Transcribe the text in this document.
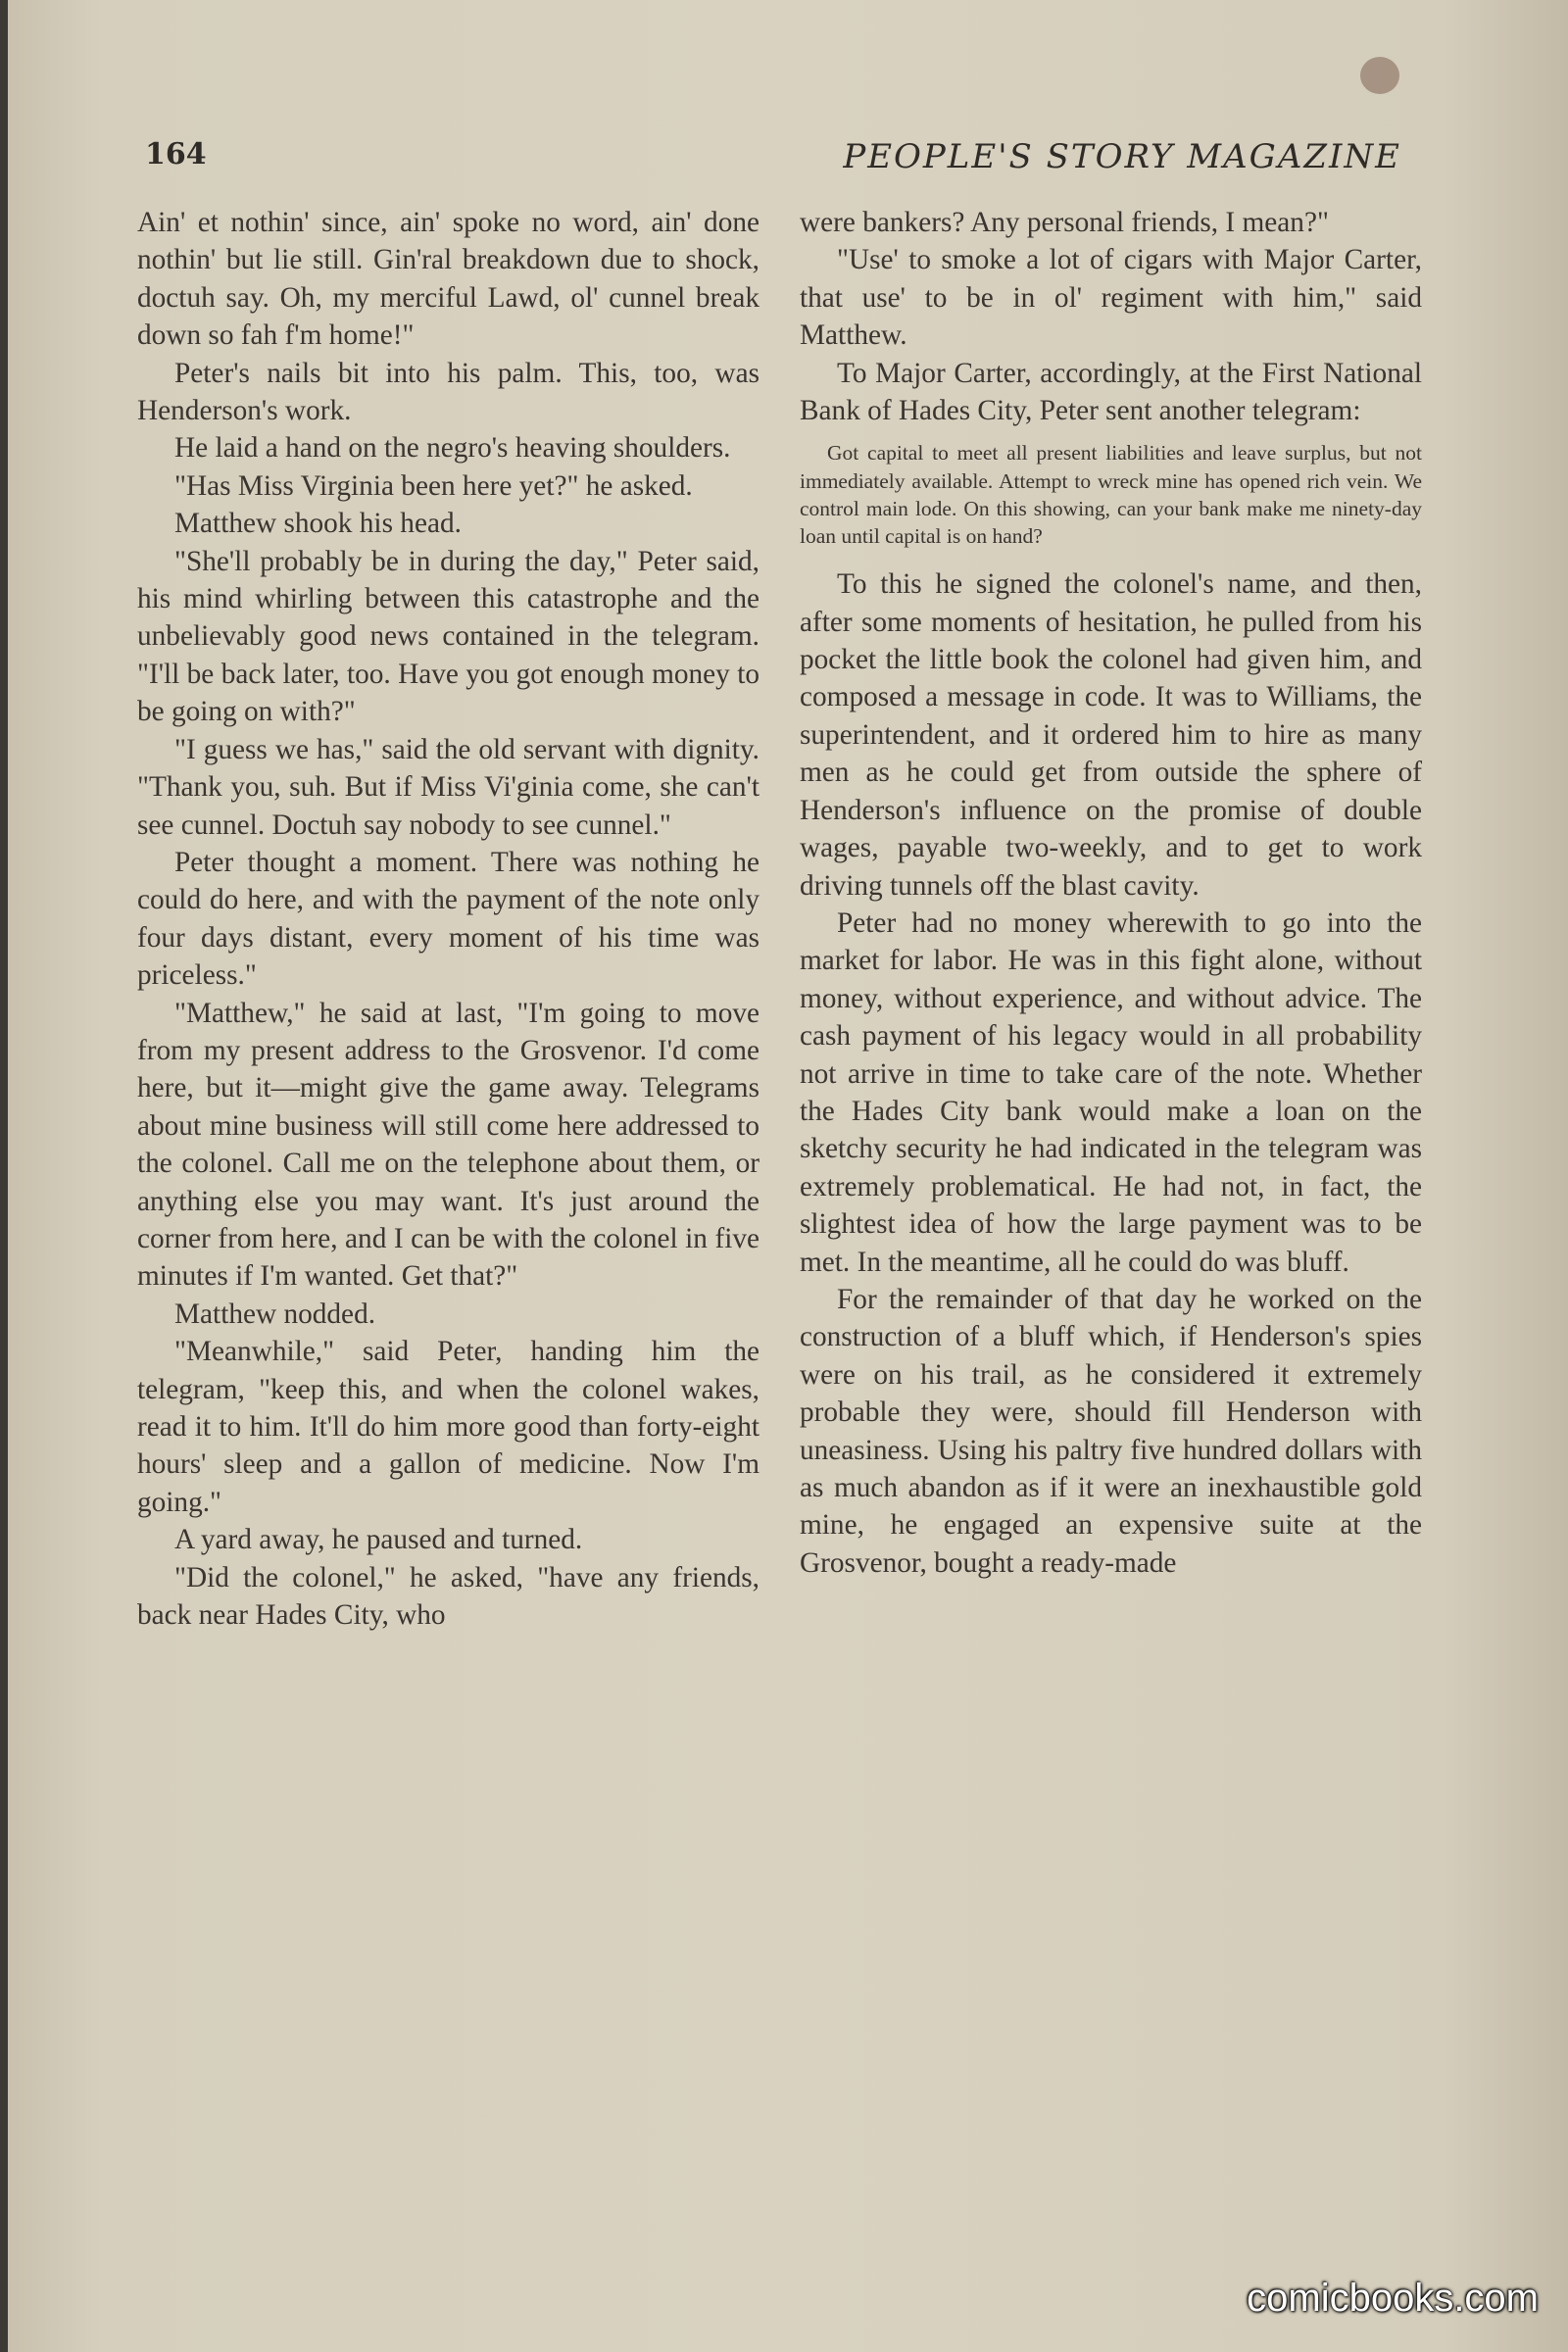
164	PEOPLE'S STORY MAGAZINE

Ain' et nothin' since, ain' spoke no word, ain' done nothin' but lie still. Gin'ral breakdown due to shock, doctuh say. Oh, my merciful Lawd, ol' cunnel break down so fah f'm home!"

Peter's nails bit into his palm. This, too, was Henderson's work.

He laid a hand on the negro's heaving shoulders.

"Has Miss Virginia been here yet?" he asked.

Matthew shook his head.

"She'll probably be in during the day," Peter said, his mind whirling between this catastrophe and the unbelievably good news contained in the telegram. "I'll be back later, too. Have you got enough money to be going on with?"

"I guess we has," said the old servant with dignity. "Thank you, suh. But if Miss Vi'ginia come, she can't see cunnel. Doctuh say nobody to see cunnel."

Peter thought a moment. There was nothing he could do here, and with the payment of the note only four days distant, every moment of his time was priceless."

"Matthew," he said at last, "I'm going to move from my present address to the Grosvenor. I'd come here, but it—might give the game away. Telegrams about mine business will still come here addressed to the colonel. Call me on the telephone about them, or anything else you may want. It's just around the corner from here, and I can be with the colonel in five minutes if I'm wanted. Get that?"

Matthew nodded.

"Meanwhile," said Peter, handing him the telegram, "keep this, and when the colonel wakes, read it to him. It'll do him more good than forty-eight hours' sleep and a gallon of medicine. Now I'm going."

A yard away, he paused and turned.

"Did the colonel," he asked, "have any friends, back near Hades City, who

were bankers? Any personal friends, I mean?"

"Use' to smoke a lot of cigars with Major Carter, that use' to be in ol' regiment with him," said Matthew.

To Major Carter, accordingly, at the First National Bank of Hades City, Peter sent another telegram:

Got capital to meet all present liabilities and leave surplus, but not immediately available. Attempt to wreck mine has opened rich vein. We control main lode. On this showing, can your bank make me ninety-day loan until capital is on hand?

To this he signed the colonel's name, and then, after some moments of hesitation, he pulled from his pocket the little book the colonel had given him, and composed a message in code. It was to Williams, the superintendent, and it ordered him to hire as many men as he could get from outside the sphere of Henderson's influence on the promise of double wages, payable two-weekly, and to get to work driving tunnels off the blast cavity.

Peter had no money wherewith to go into the market for labor. He was in this fight alone, without money, without experience, and without advice. The cash payment of his legacy would in all probability not arrive in time to take care of the note. Whether the Hades City bank would make a loan on the sketchy security he had indicated in the telegram was extremely problematical. He had not, in fact, the slightest idea of how the large payment was to be met. In the meantime, all he could do was bluff.

For the remainder of that day he worked on the construction of a bluff which, if Henderson's spies were on his trail, as he considered it extremely probable they were, should fill Henderson with uneasiness. Using his paltry five hundred dollars with as much abandon as if it were an inexhaustible gold mine, he engaged an expensive suite at the Grosvenor, bought a ready-made

comicbooks.com
